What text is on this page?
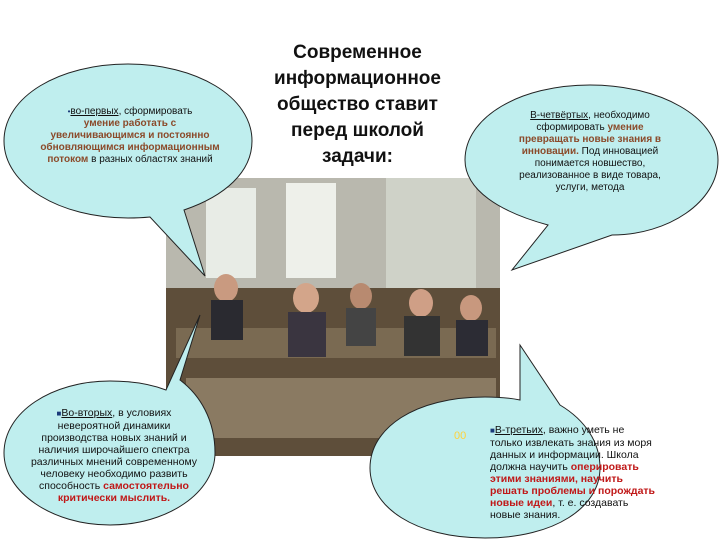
Современное информационное общество ставит перед школой задачи:
•во-первых, сформировать
умение работать с увеличивающимся и постоянно обновляющимся информационным потоком в разных областях знаний
■Во-вторых, в условиях невероятной динамики производства новых знаний и наличия широчайшего спектра различных мнений современному человеку необходимо развить способность самостоятельно критически мыслить.
■В-третьих, важно уметь не только извлекать знания из моря данных и информации. Школа должна научить оперировать этими знаниями, научить решать проблемы и порождать новые идеи, т. е. создавать новые знания.
В-четвёртых, необходимо сформировать умение превращать новые знания в инновации. Под инновацией понимается новшество, реализованное в виде товара, услуги, метода
00
